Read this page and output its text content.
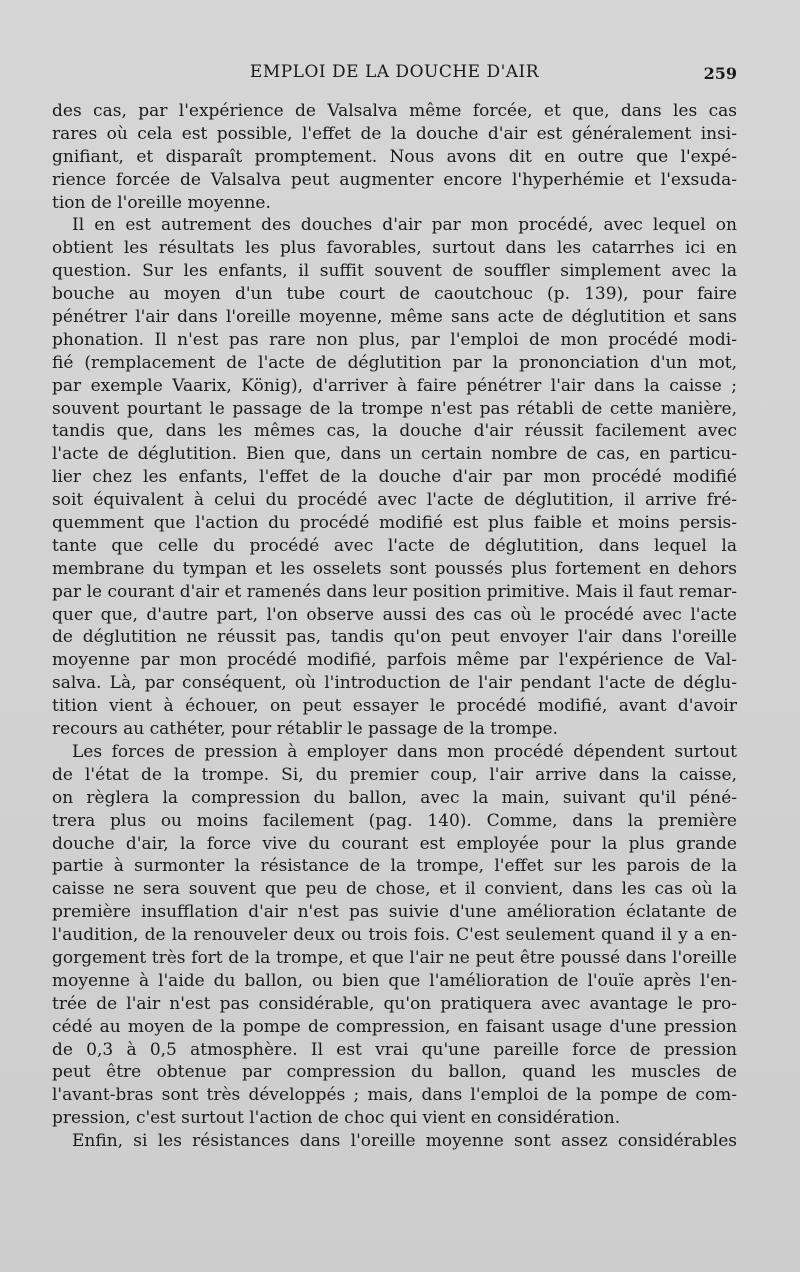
EMPLOI DE LA DOUCHE D'AIR	259
des cas, par l'expérience de Valsalva même forcée, et que, dans les cas
rares où cela est possible, l'effet de la douche d'air est généralement insi-
gnifiant, et disparaît promptement. Nous avons dit en outre que l'expé-
rience forcée de Valsalva peut augmenter encore l'hyperhémie et l'exsuda-
tion de l'oreille moyenne.
Il en est autrement des douches d'air par mon procédé, avec lequel on
obtient les résultats les plus favorables, surtout dans les catarrhes ici en
question. Sur les enfants, il suffit souvent de souffler simplement avec la
bouche au moyen d'un tube court de caoutchouc (p. 139), pour faire
pénétrer l'air dans l'oreille moyenne, même sans acte de déglutition et sans
phonation. Il n'est pas rare non plus, par l'emploi de mon procédé modi-
fié (remplacement de l'acte de déglutition par la prononciation d'un mot,
par exemple Vaarix, König), d'arriver à faire pénétrer l'air dans la caisse ;
souvent pourtant le passage de la trompe n'est pas rétabli de cette manière,
tandis que, dans les mêmes cas, la douche d'air réussit facilement avec
l'acte de déglutition. Bien que, dans un certain nombre de cas, en particu-
lier chez les enfants, l'effet de la douche d'air par mon procédé modifié
soit équivalent à celui du procédé avec l'acte de déglutition, il arrive fré-
quemment que l'action du procédé modifié est plus faible et moins persis-
tante que celle du procédé avec l'acte de déglutition, dans lequel la
membrane du tympan et les osselets sont poussés plus fortement en dehors
par le courant d'air et ramenés dans leur position primitive. Mais il faut remar-
quer que, d'autre part, l'on observe aussi des cas où le procédé avec l'acte
de déglutition ne réussit pas, tandis qu'on peut envoyer l'air dans l'oreille
moyenne par mon procédé modifié, parfois même par l'expérience de Val-
salva. Là, par conséquent, où l'introduction de l'air pendant l'acte de déglu-
tition vient à échouer, on peut essayer le procédé modifié, avant d'avoir
recours au cathéter, pour rétablir le passage de la trompe.
Les forces de pression à employer dans mon procédé dépendent surtout
de l'état de la trompe. Si, du premier coup, l'air arrive dans la caisse,
on règlera la compression du ballon, avec la main, suivant qu'il péné-
trera plus ou moins facilement (pag. 140). Comme, dans la première
douche d'air, la force vive du courant est employée pour la plus grande
partie à surmonter la résistance de la trompe, l'effet sur les parois de la
caisse ne sera souvent que peu de chose, et il convient, dans les cas où la
première insufflation d'air n'est pas suivie d'une amélioration éclatante de
l'audition, de la renouveler deux ou trois fois. C'est seulement quand il y a en-
gorgement très fort de la trompe, et que l'air ne peut être poussé dans l'oreille
moyenne à l'aide du ballon, ou bien que l'amélioration de l'ouïe après l'en-
trée de l'air n'est pas considérable, qu'on pratiquera avec avantage le pro-
cédé au moyen de la pompe de compression, en faisant usage d'une pression
de 0,3 à 0,5 atmosphère. Il est vrai qu'une pareille force de pression
peut être obtenue par compression du ballon, quand les muscles de
l'avant-bras sont très développés ; mais, dans l'emploi de la pompe de com-
pression, c'est surtout l'action de choc qui vient en considération.
Enfin, si les résistances dans l'oreille moyenne sont assez considérables
